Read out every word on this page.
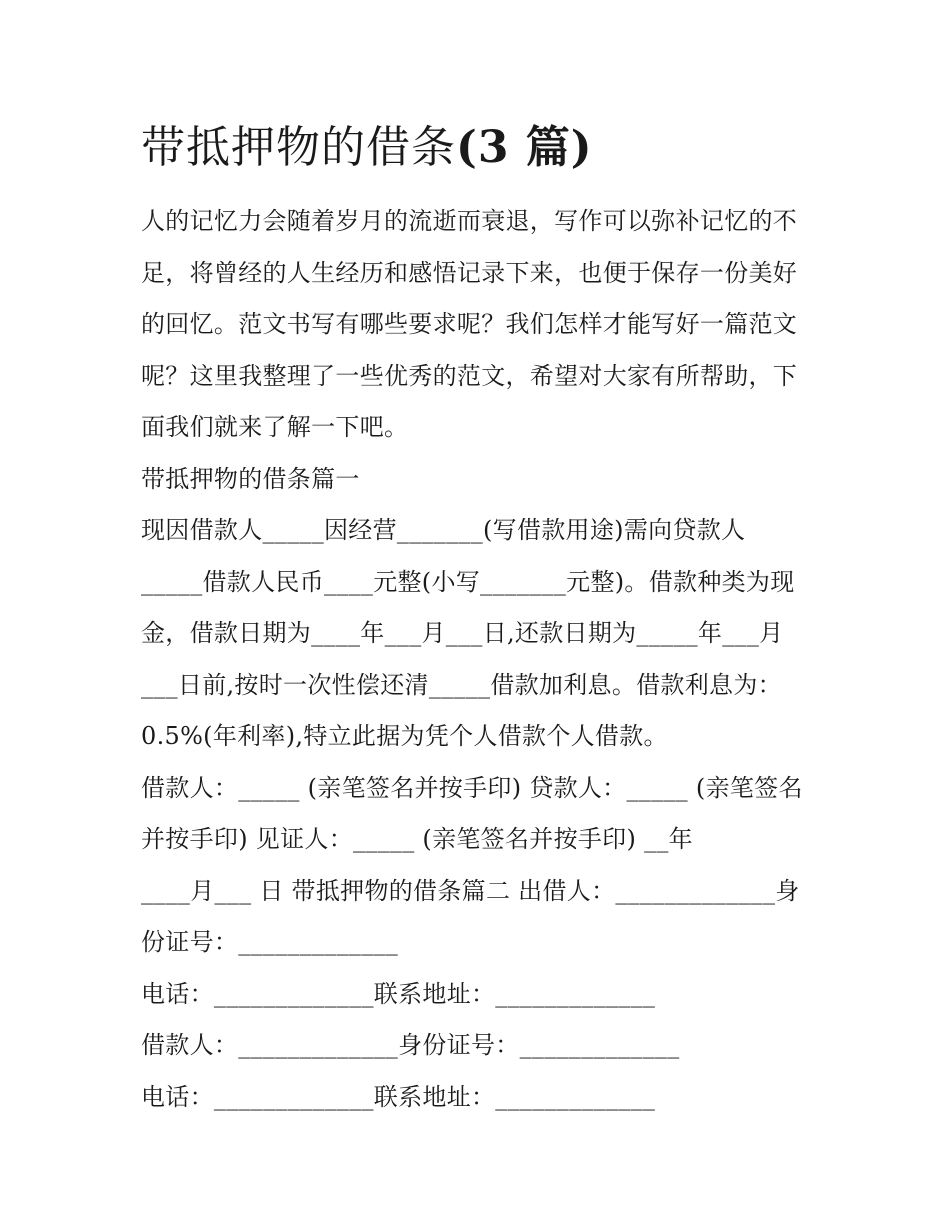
带抵押物的借条(3 篇)
人的记忆力会随着岁月的流逝而衰退，写作可以弥补记忆的不
足，将曾经的人生经历和感悟记录下来，也便于保存一份美好
的回忆。范文书写有哪些要求呢？我们怎样才能写好一篇范文
呢？这里我整理了一些优秀的范文，希望对大家有所帮助，下
面我们就来了解一下吧。
带抵押物的借条篇一
现因借款人_____因经营_______(写借款用途)需向贷款人
_____借款人民币____元整(小写_______元整)。借款种类为现
金，借款日期为____年___月___日,还款日期为_____年___月
___日前,按时一次性偿还清_____借款加利息。借款利息为：
0.5%(年利率),特立此据为凭个人借款个人借款。
借款人：_____ (亲笔签名并按手印) 贷款人：_____ (亲笔签名
并按手印) 见证人：_____ (亲笔签名并按手印) __年
____月___ 日 带抵押物的借条篇二 出借人：_____________身
份证号：_____________
电话：_____________联系地址：_____________
借款人：_____________身份证号：_____________
电话：_____________联系地址：_____________
